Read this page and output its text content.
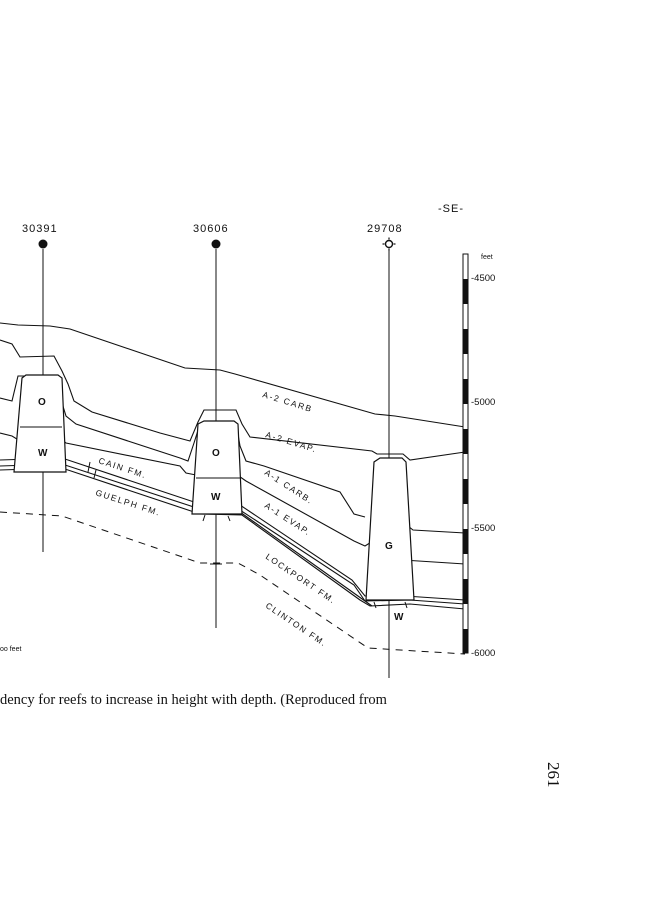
-SE-
30391	30606	29708
O
W	O
W
G
W
A-2 CARB
A-2 EVAP.
A-1 CARB.
A-1 EVAP.
CAIN FM.
GUELPH FM.
LOCKPORT FM.
CLINTON FM.
feet
-4500
-5000
-5500
-6000
oo feet
dency for reefs to increase in height with depth. (Reproduced from
261
